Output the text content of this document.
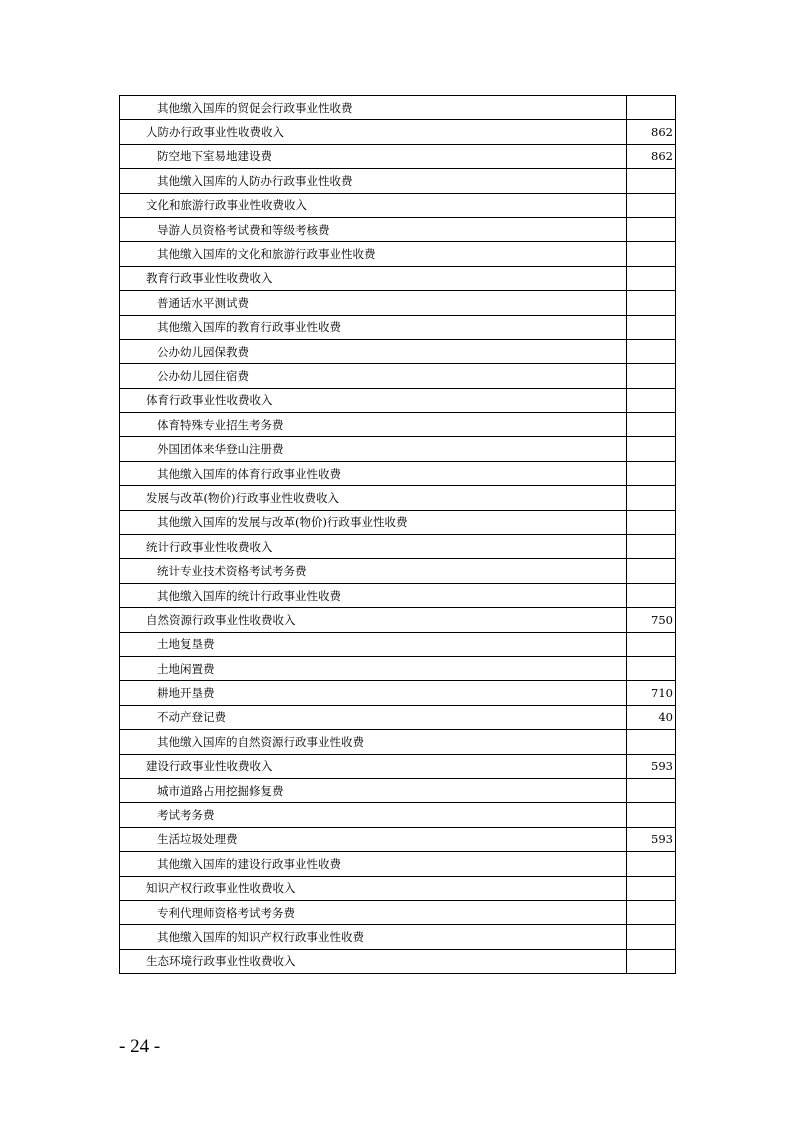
其他缴入国库的贸促会行政事业性收费	
人防办行政事业性收费收入	862
防空地下室易地建设费	862
其他缴入国库的人防办行政事业性收费	
文化和旅游行政事业性收费收入	
导游人员资格考试费和等级考核费	
其他缴入国库的文化和旅游行政事业性收费	
教育行政事业性收费收入	
普通话水平测试费	
其他缴入国库的教育行政事业性收费	
公办幼儿园保教费	
公办幼儿园住宿费	
体育行政事业性收费收入	
体育特殊专业招生考务费	
外国团体来华登山注册费	
其他缴入国库的体育行政事业性收费	
发展与改革(物价)行政事业性收费收入	
其他缴入国库的发展与改革(物价)行政事业性收费	
统计行政事业性收费收入	
统计专业技术资格考试考务费	
其他缴入国库的统计行政事业性收费	
自然资源行政事业性收费收入	750
土地复垦费	
土地闲置费	
耕地开垦费	710
不动产登记费	40
其他缴入国库的自然资源行政事业性收费	
建设行政事业性收费收入	593
城市道路占用挖掘修复费	
考试考务费	
生活垃圾处理费	593
其他缴入国库的建设行政事业性收费	
知识产权行政事业性收费收入	
专利代理师资格考试考务费	
其他缴入国库的知识产权行政事业性收费	
生态环境行政事业性收费收入	
- 24 -
